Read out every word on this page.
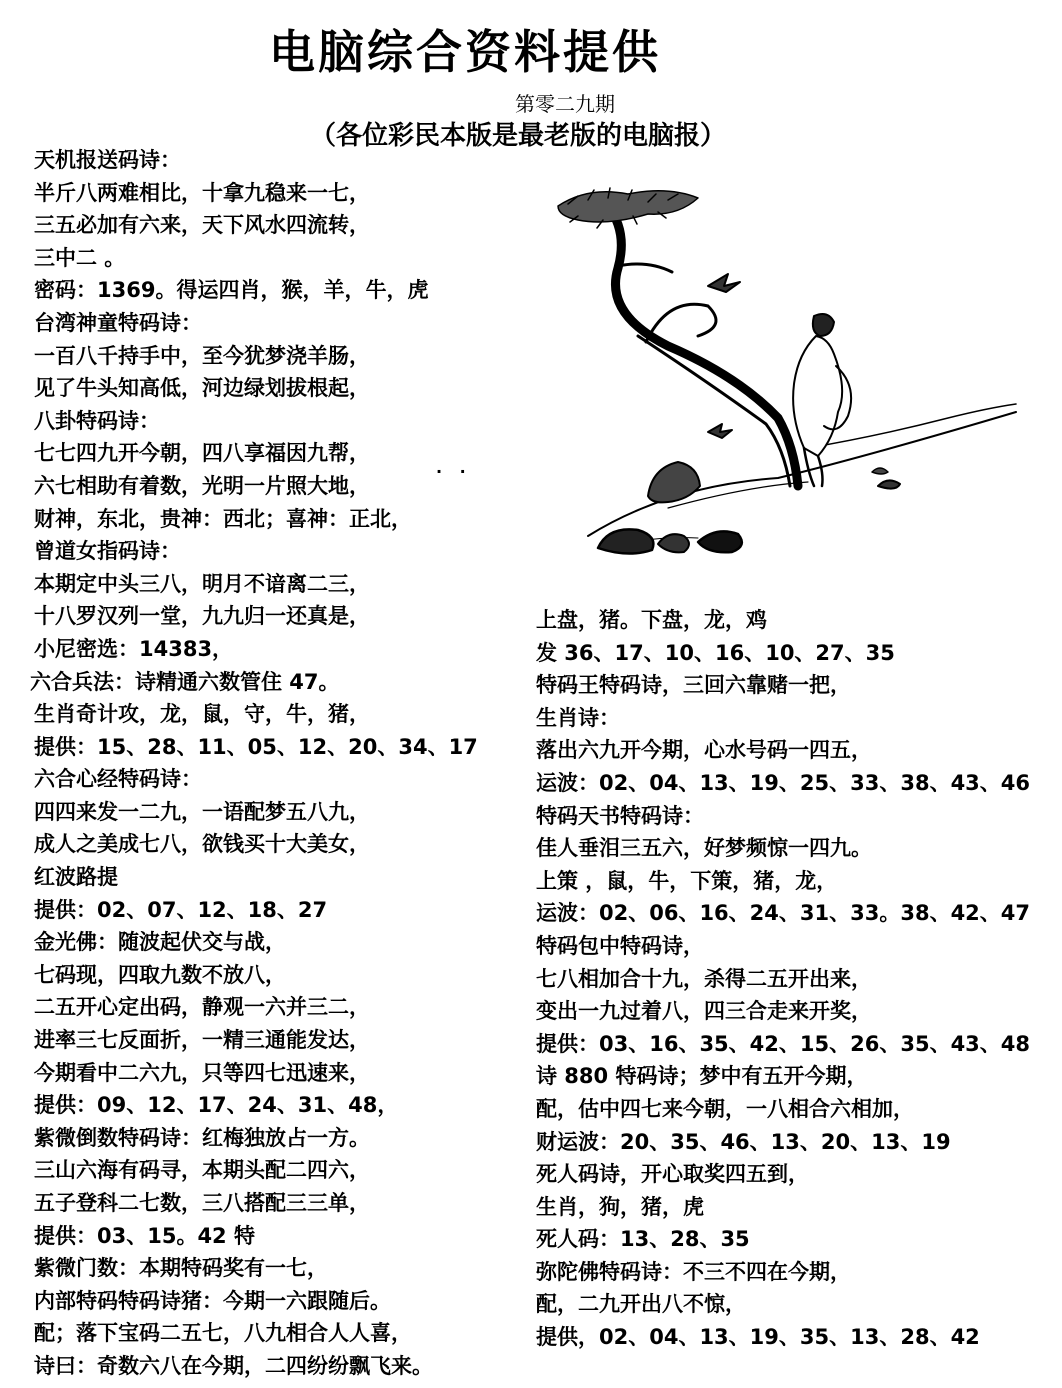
电脑综合资料提供
第零二九期
（各位彩民本版是最老版的电脑报）
天机报送码诗：
半斤八两难相比，十拿九稳来一七，
三五必加有六来，天下风水四流转，
三中二 。
密码：1369。得运四肖，猴，羊，牛，虎
台湾神童特码诗：
一百八千持手中，至今犹梦浇羊肠，
见了牛头知高低，河边绿划拔根起，
八卦特码诗：
七七四九开今朝，四八享福因九帮，
六七相助有着数，光明一片照大地，
财神，东北，贵神：西北；喜神：正北，
曾道女指码诗：
本期定中头三八，明月不谙离二三，
十八罗汉列一堂，九九归一还真是，
小尼密选：14383，
六合兵法：诗精通六数管住 47。
生肖奇计攻，龙，鼠，守，牛，猪，
提供：15、28、11、05、12、20、34、17
六合心经特码诗：
四四来发一二九，一语配梦五八九，
成人之美成七八，欲钱买十大美女，
红波路提
提供：02、07、12、18、27
金光佛：随波起伏交与战，
七码现，四取九数不放八，
二五开心定出码，静观一六并三二，
进率三七反面折，一精三通能发达，
今期看中二六九，只等四七迅速来，
提供：09、12、17、24、31、48，
紫微倒数特码诗：红梅独放占一方。
三山六海有码寻，本期头配二四六，
五子登科二七数，三八搭配三三单，
提供：03、15。42 特
紫微门数：本期特码奖有一七，
内部特码特码诗猪：今期一六跟随后。
配；落下宝码二五七，八九相合人人喜，
诗曰：奇数六八在今期，二四纷纷飘飞来。
· ·
上盘，猪。下盘，龙，鸡
发 36、17、10、16、10、27、35
特码王特码诗，三回六靠赌一把，
生肖诗：
落出六九开今期，心水号码一四五，
运波：02、04、13、19、25、33、38、43、46
特码天书特码诗：
佳人垂泪三五六，好梦频惊一四九。
上策 ，鼠，牛，下策，猪，龙，
运波：02、06、16、24、31、33。38、42、47
特码包中特码诗，
七八相加合十九，杀得二五开出来，
变出一九过着八，四三合走来开奖，
提供：03、16、35、42、15、26、35、43、48
诗 880 特码诗；梦中有五开今期，
配，估中四七来今朝，一八相合六相加，
财运波：20、35、46、13、20、13、19
死人码诗，开心取奖四五到，
生肖，狗，猪，虎
死人码：13、28、35
弥陀佛特码诗：不三不四在今期，
配，二九开出八不惊，
提供，02、04、13、19、35、13、28、42
